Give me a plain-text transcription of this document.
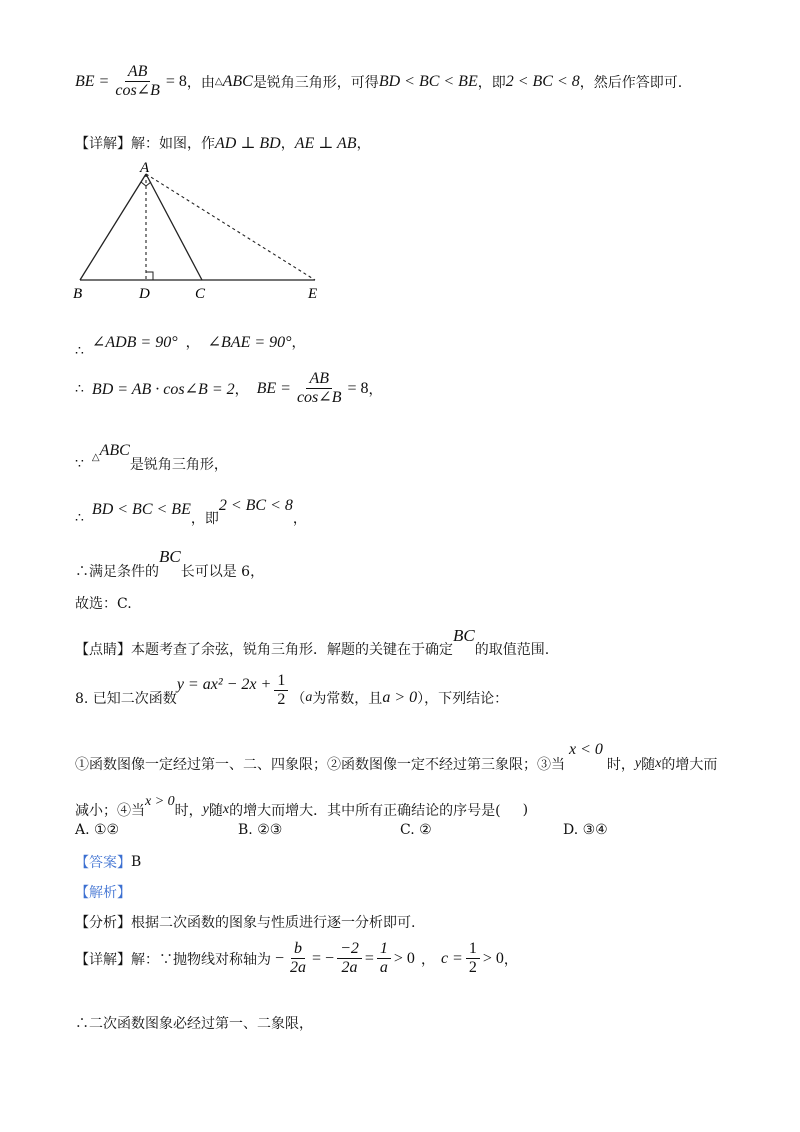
BE = $\frac{AB}{\cos\angle B} = 8$ ，由 △ ABC 是锐角三角形，可得 BD < BC < BE ，即 2 < BC < 8 ，然后作答即可.
【详解】 解：如图，作 AD ⊥ BD ， AE ⊥ AB ，
A
B	D	C	E
∴ ∠ADB = 90° ， ∠BAE = 90° ，
∴ BD = AB · cos∠B = 2 ， BE = $\frac{AB}{\cos\angle B} = 8$ ，
∵ △ ABC
是锐角三角形，
∴ BD < BC < BE
，即
2 < BC < 8
，
∴满足条件的
BC
长可以是 6，
故选：C.
【点睛】 本题考查了余弦，锐角三角形．解题的关键在于确定
BC
的取值范围.
8. 已知二次函数
$y = ax^2 - 2x + \frac{1}{2}$ （ a 为常数，且 a > 0 ），下列结论：
①函数图像一定经过第一、二、四象限；②函数图像一定不经过第三象限；③当
x < 0
时， y 随 x 的增大而
减小；④当
x > 0
时， y 随 x 的增大而增大．其中所有正确结论的序号是( )
A. ①②	B. ②③	C. ②	D. ③④
【答案】 B
【解析】
【分析】 根据二次函数的图象与性质进行逐一分析即可.
【详解】 解：∵抛物线对称轴为 − $\frac{b}{2a}$ = − $\frac{-2}{2a} = \frac{1}{a} > 0$ ， $c = \frac{1}{2} > 0$ ，
∴二次函数图象必经过第一、二象限，
